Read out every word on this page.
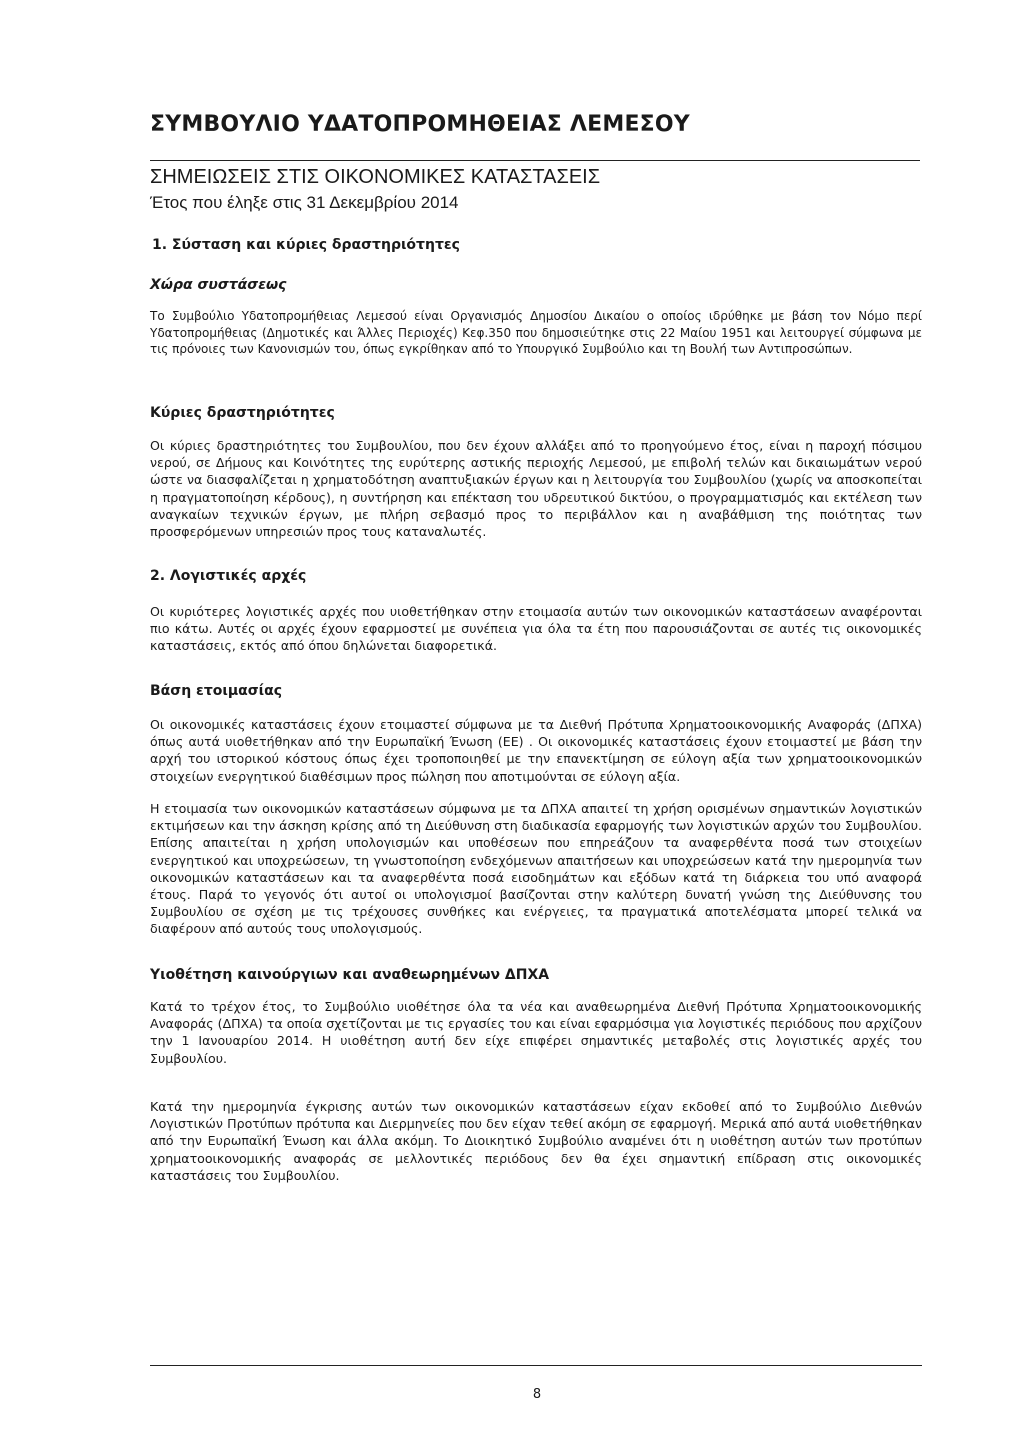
ΣΥΜΒΟΥΛΙΟ ΥΔΑΤΟΠΡΟΜΗΘΕΙΑΣ ΛΕΜΕΣΟΥ
ΣΗΜΕΙΩΣΕΙΣ ΣΤΙΣ ΟΙΚΟΝΟΜΙΚΕΣ ΚΑΤΑΣΤΑΣΕΙΣ
Έτος που έληξε στις 31 Δεκεμβρίου 2014
1. Σύσταση και κύριες δραστηριότητες
Χώρα συστάσεως
Το Συμβούλιο Υδατοπρομήθειας Λεμεσού είναι Οργανισμός Δημοσίου Δικαίου ο οποίος ιδρύθηκε με βάση τον Νόμο περί Υδατοπρομήθειας (Δημοτικές και Άλλες Περιοχές) Κεφ.350 που δημοσιεύτηκε στις 22 Μαίου 1951 και λειτουργεί σύμφωνα με τις πρόνοιες των Κανονισμών του, όπως εγκρίθηκαν από το Υπουργικό Συμβούλιο και τη Βουλή των Αντιπροσώπων.
Κύριες δραστηριότητες
Οι κύριες δραστηριότητες του Συμβουλίου, που δεν έχουν αλλάξει από το προηγούμενο έτος, είναι η παροχή πόσιμου νερού, σε Δήμους και Κοινότητες της ευρύτερης αστικής περιοχής Λεμεσού, με επιβολή τελών και δικαιωμάτων νερού ώστε να διασφαλίζεται η χρηματοδότηση αναπτυξιακών έργων και η λειτουργία του Συμβουλίου (χωρίς να αποσκοπείται η πραγματοποίηση κέρδους), η συντήρηση και επέκταση του υδρευτικού δικτύου, ο προγραμματισμός και εκτέλεση των αναγκαίων τεχνικών έργων, με πλήρη σεβασμό προς το περιβάλλον και η αναβάθμιση της ποιότητας των προσφερόμενων υπηρεσιών προς τους καταναλωτές.
2. Λογιστικές αρχές
Οι κυριότερες λογιστικές αρχές που υιοθετήθηκαν στην ετοιμασία αυτών των οικονομικών καταστάσεων αναφέρονται πιο κάτω. Αυτές οι αρχές έχουν εφαρμοστεί με συνέπεια για όλα τα έτη που παρουσιάζονται σε αυτές τις οικονομικές καταστάσεις, εκτός από όπου δηλώνεται διαφορετικά.
Βάση ετοιμασίας
Οι οικονομικές καταστάσεις έχουν ετοιμαστεί σύμφωνα με τα Διεθνή Πρότυπα Χρηματοοικονομικής Αναφοράς (ΔΠΧΑ) όπως αυτά υιοθετήθηκαν από την Ευρωπαϊκή Ένωση (ΕΕ) . Οι οικονομικές καταστάσεις έχουν ετοιμαστεί με βάση την αρχή του ιστορικού κόστους όπως έχει τροποποιηθεί με την επανεκτίμηση σε εύλογη αξία των χρηματοοικονομικών στοιχείων ενεργητικού διαθέσιμων προς πώληση που αποτιμούνται σε εύλογη αξία.
Η ετοιμασία των οικονομικών καταστάσεων σύμφωνα με τα ΔΠΧΑ απαιτεί τη χρήση ορισμένων σημαντικών λογιστικών εκτιμήσεων και την άσκηση κρίσης από τη Διεύθυνση στη διαδικασία εφαρμογής των λογιστικών αρχών του Συμβουλίου. Επίσης απαιτείται η χρήση υπολογισμών και υποθέσεων που επηρεάζουν τα αναφερθέντα ποσά των στοιχείων ενεργητικού και υποχρεώσεων, τη γνωστοποίηση ενδεχόμενων απαιτήσεων και υποχρεώσεων κατά την ημερομηνία των οικονομικών καταστάσεων και τα αναφερθέντα ποσά εισοδημάτων και εξόδων κατά τη διάρκεια του υπό αναφορά έτους. Παρά το γεγονός ότι αυτοί οι υπολογισμοί βασίζονται στην καλύτερη δυνατή γνώση της Διεύθυνσης του Συμβουλίου σε σχέση με τις τρέχουσες συνθήκες και ενέργειες, τα πραγματικά αποτελέσματα μπορεί τελικά να διαφέρουν από αυτούς τους υπολογισμούς.
Υιοθέτηση καινούργιων και αναθεωρημένων ΔΠΧΑ
Κατά το τρέχον έτος, το Συμβούλιο υιοθέτησε όλα τα νέα και αναθεωρημένα Διεθνή Πρότυπα Χρηματοοικονομικής Αναφοράς (ΔΠΧΑ) τα οποία σχετίζονται με τις εργασίες του και είναι εφαρμόσιμα για λογιστικές περιόδους που αρχίζουν την 1 Ιανουαρίου 2014. Η υιοθέτηση αυτή δεν είχε επιφέρει σημαντικές μεταβολές στις λογιστικές αρχές του Συμβουλίου.
Κατά την ημερομηνία έγκρισης αυτών των οικονομικών καταστάσεων είχαν εκδοθεί από το Συμβούλιο Διεθνών Λογιστικών Προτύπων πρότυπα και Διερμηνείες που δεν είχαν τεθεί ακόμη σε εφαρμογή. Μερικά από αυτά υιοθετήθηκαν από την Ευρωπαϊκή Ένωση και άλλα ακόμη. Το Διοικητικό Συμβούλιο αναμένει ότι η υιοθέτηση αυτών των προτύπων χρηματοοικονομικής αναφοράς σε μελλοντικές περιόδους δεν θα έχει σημαντική επίδραση στις οικονομικές καταστάσεις του Συμβουλίου.
8
